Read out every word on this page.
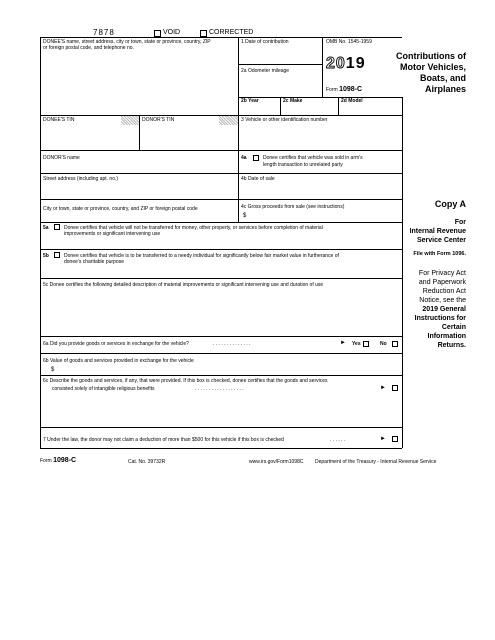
7878	VOID	CORRECTED
DONEE'S name, street address, city or town, state or province, country, ZIP
or foreign postal code, and telephone no.
1 Date of contribution
2a Odometer mileage
OMB No. 1545-1959
2019
Form 1098-C
Contributions of
Motor Vehicles,
Boats, and
Airplanes
2b Year	2c Make	2d Model
DONEE'S TIN	DONOR'S TIN	3 Vehicle or other identification number
DONOR'S name	4a	Donee certifies that vehicle was sold in arm's
length transaction to unrelated party
Street address (including apt. no.)	4b Date of sale
City or town, state or province, country, and ZIP or foreign postal code	4c Gross proceeds from sale (see instructions)
$
5a	Donee certifies that vehicle will not be transferred for money, other property, or services before completion of material
improvements or significant intervening use
5b	Donee certifies that vehicle is to be transferred to a needy individual for significantly below fair market value in furtherance of
donee's charitable purpose
5c Donee certifies the following detailed description of material improvements or significant intervening use and duration of use
6a Did you provide goods or services in exchange for the vehicle?	. . . . . . . . . . . . . .	► Yes	No
6b Value of goods and services provided in exchange for the vehicle
$
6c Describe the goods and services, if any, that were provided. If this box is checked, donee certifies that the goods and services
consisted solely of intangible religious benefits	. . . . . . . . . . . . . . . . . .	►
7 Under the law, the donor may not claim a deduction of more than $500 for this vehicle if this box is checked	. . . . . .	►
Copy A
For
Internal Revenue
Service Center
File with Form 1096.
For Privacy Act
and Paperwork
Reduction Act
Notice, see the
2019 General
Instructions for
Certain
Information
Returns.
Form 1098-C	Cat. No. 39732R	www.irs.gov/Form1098C Department of the Treasury - Internal Revenue Service
